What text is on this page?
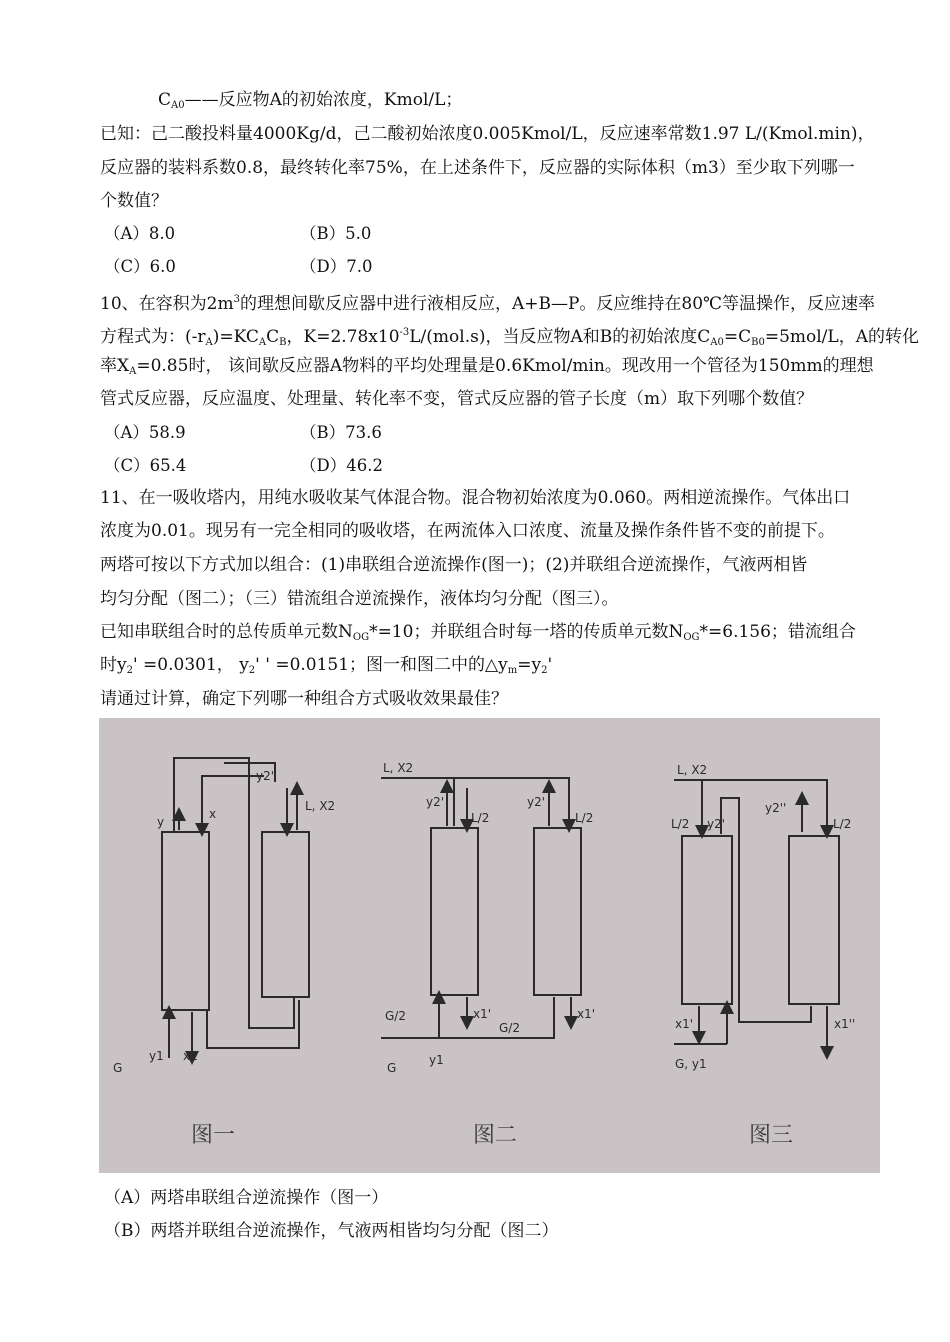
$C_{A0}——$反应物A的初始浓度，Kmol/L；
已知：己二酸投料量4000Kg/d，己二酸初始浓度0.005Kmol/L，反应速率常数1.97 L/(Kmol.min)，
反应器的装料系数0.8，最终转化率75%，在上述条件下，反应器的实际体积（m3）至少取下列哪一
个数值？
（A）8.0	（B）5.0
（C）6.0	（D）7.0
10、在容积为$2m^3$的理想间歇反应器中进行液相反应，A+B—P。反应维持在80℃等温操作，反应速率
方程式为：$(-r_A)=KC_AC_B$，$K=2.78x10^{-3}L/(mol.s)$，当反应物A和B的初始浓度$C_{A0}=C_{B0}=5mol/L$，A的转化
率$X_A=0.85$时， 该间歇反应器A物料的平均处理量是0.6Kmol/min。现改用一个管径为150mm的理想
管式反应器，反应温度、处理量、转化率不变，管式反应器的管子长度（m）取下列哪个数值？
（A）58.9	（B）73.6
（C）65.4	（D）46.2
11、在一吸收塔内，用纯水吸收某气体混合物。混合物初始浓度为0.060。两相逆流操作。气体出口
浓度为0.01。现另有一完全相同的吸收塔，在两流体入口浓度、流量及操作条件皆不变的前提下。
两塔可按以下方式加以组合：(1)串联组合逆流操作(图一)；(2)并联组合逆流操作，气液两相皆
均匀分配（图二）；（三）错流组合逆流操作，液体均匀分配（图三）。
已知串联组合时的总传质单元数$N_{OG}*=10$；并联组合时每一塔的传质单元数$N_{OG}*=6.156$；错流组合
时$y_2' =0.0301$， $y_2'$ ' =0.0151；图一和图二中的$\triangle y_m=y_2'$
请通过计算，确定下列哪一种组合方式吸收效果最佳？
y
x
y2'
L, X2
G
y1 x1
L, X2
y2'
L/2
y2'
L/2
G/2	x1'
G/2
x1'
G
y1
L, X2
L/2 y2'
y2''
L/2
x1'	x1''
G, y1
图一	图二	图三
（A）两塔串联组合逆流操作（图一）
（B）两塔并联组合逆流操作，气液两相皆均匀分配（图二）
